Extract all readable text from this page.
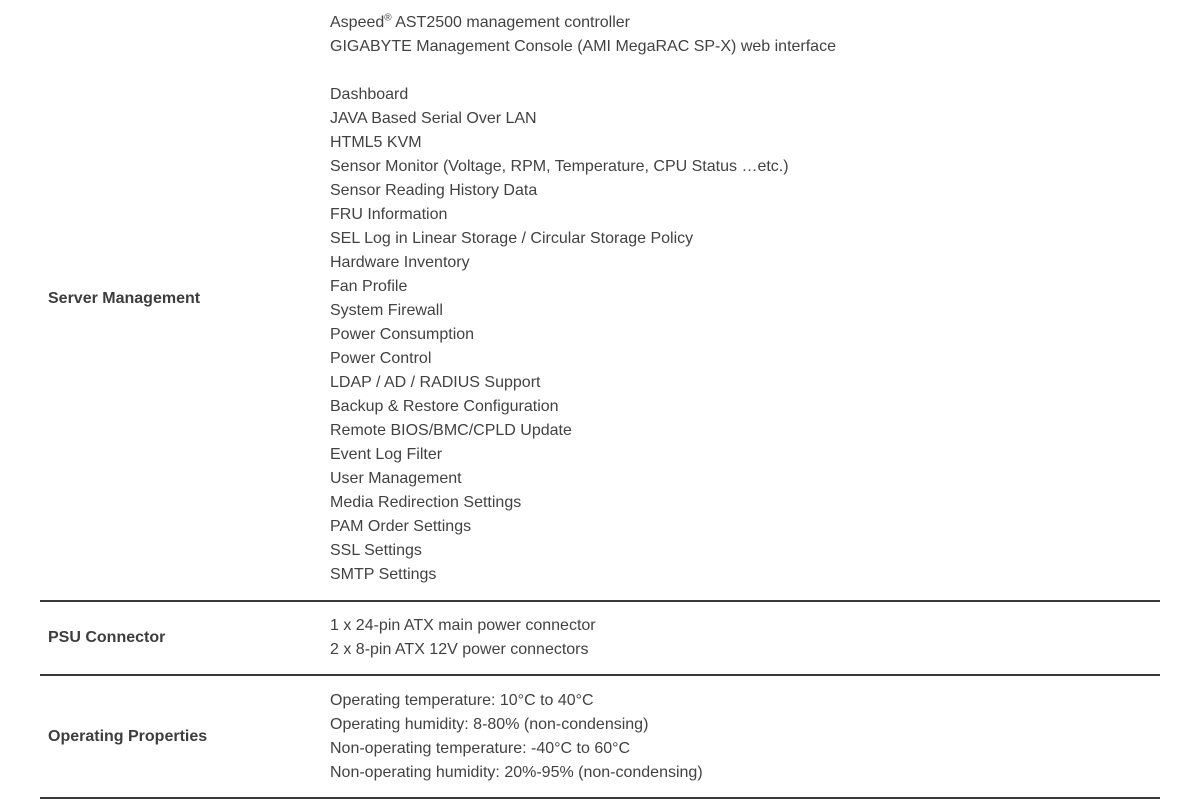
Server Management
Aspeed® AST2500 management controller
GIGABYTE Management Console (AMI MegaRAC SP-X) web interface

Dashboard
JAVA Based Serial Over LAN
HTML5 KVM
Sensor Monitor (Voltage, RPM, Temperature, CPU Status …etc.)
Sensor Reading History Data
FRU Information
SEL Log in Linear Storage / Circular Storage Policy
Hardware Inventory
Fan Profile
System Firewall
Power Consumption
Power Control
LDAP / AD / RADIUS Support
Backup & Restore Configuration
Remote BIOS/BMC/CPLD Update
Event Log Filter
User Management
Media Redirection Settings
PAM Order Settings
SSL Settings
SMTP Settings
PSU Connector
1 x 24-pin ATX main power connector
2 x 8-pin ATX 12V power connectors
Operating Properties
Operating temperature: 10°C to 40°C
Operating humidity: 8-80% (non-condensing)
Non-operating temperature: -40°C to 60°C
Non-operating humidity: 20%-95% (non-condensing)
